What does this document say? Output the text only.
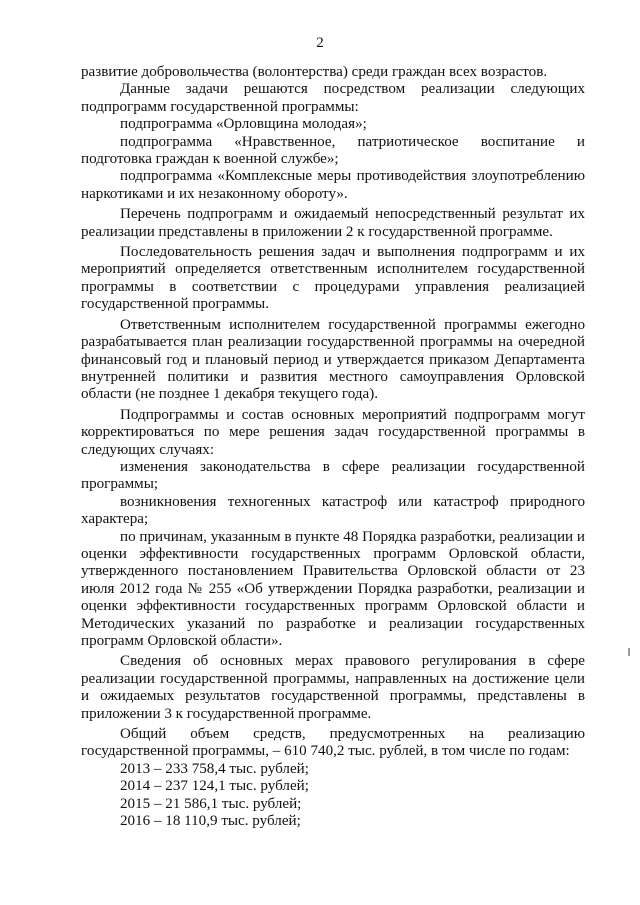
2

развитие добровольчества (волонтерства) среди граждан всех возрастов.

Данные задачи решаются посредством реализации следующих подпрограмм государственной программы:

подпрограмма «Орловщина молодая»;

подпрограмма «Нравственное, патриотическое воспитание и подготовка граждан к военной службе»;

подпрограмма «Комплексные меры противодействия злоупотреблению наркотиками и их незаконному обороту».

Перечень подпрограмм и ожидаемый непосредственный результат их реализации представлены в приложении 2 к государственной программе.

Последовательность решения задач и выполнения подпрограмм и их мероприятий определяется ответственным исполнителем государственной программы в соответствии с процедурами управления реализацией государственной программы.

Ответственным исполнителем государственной программы ежегодно разрабатывается план реализации государственной программы на очередной финансовый год и плановый период и утверждается приказом Департамента внутренней политики и развития местного самоуправления Орловской области (не позднее 1 декабря текущего года).

Подпрограммы и состав основных мероприятий подпрограмм могут корректироваться по мере решения задач государственной программы в следующих случаях:

изменения законодательства в сфере реализации государственной программы;

возникновения техногенных катастроф или катастроф природного характера;

по причинам, указанным в пункте 48 Порядка разработки, реализации и оценки эффективности государственных программ Орловской области, утвержденного постановлением Правительства Орловской области от 23 июля 2012 года № 255 «Об утверждении Порядка разработки, реализации и оценки эффективности государственных программ Орловской области и Методических указаний по разработке и реализации государственных программ Орловской области».

Сведения об основных мерах правового регулирования в сфере реализации государственной программы, направленных на достижение цели и ожидаемых результатов государственной программы, представлены в приложении 3 к государственной программе.

Общий объем средств, предусмотренных на реализацию государственной программы, – 610 740,2 тыс. рублей, в том числе по годам:

2013 – 233 758,4 тыс. рублей;
2014 – 237 124,1 тыс. рублей;
2015 – 21 586,1 тыс. рублей;
2016 – 18 110,9 тыс. рублей;
